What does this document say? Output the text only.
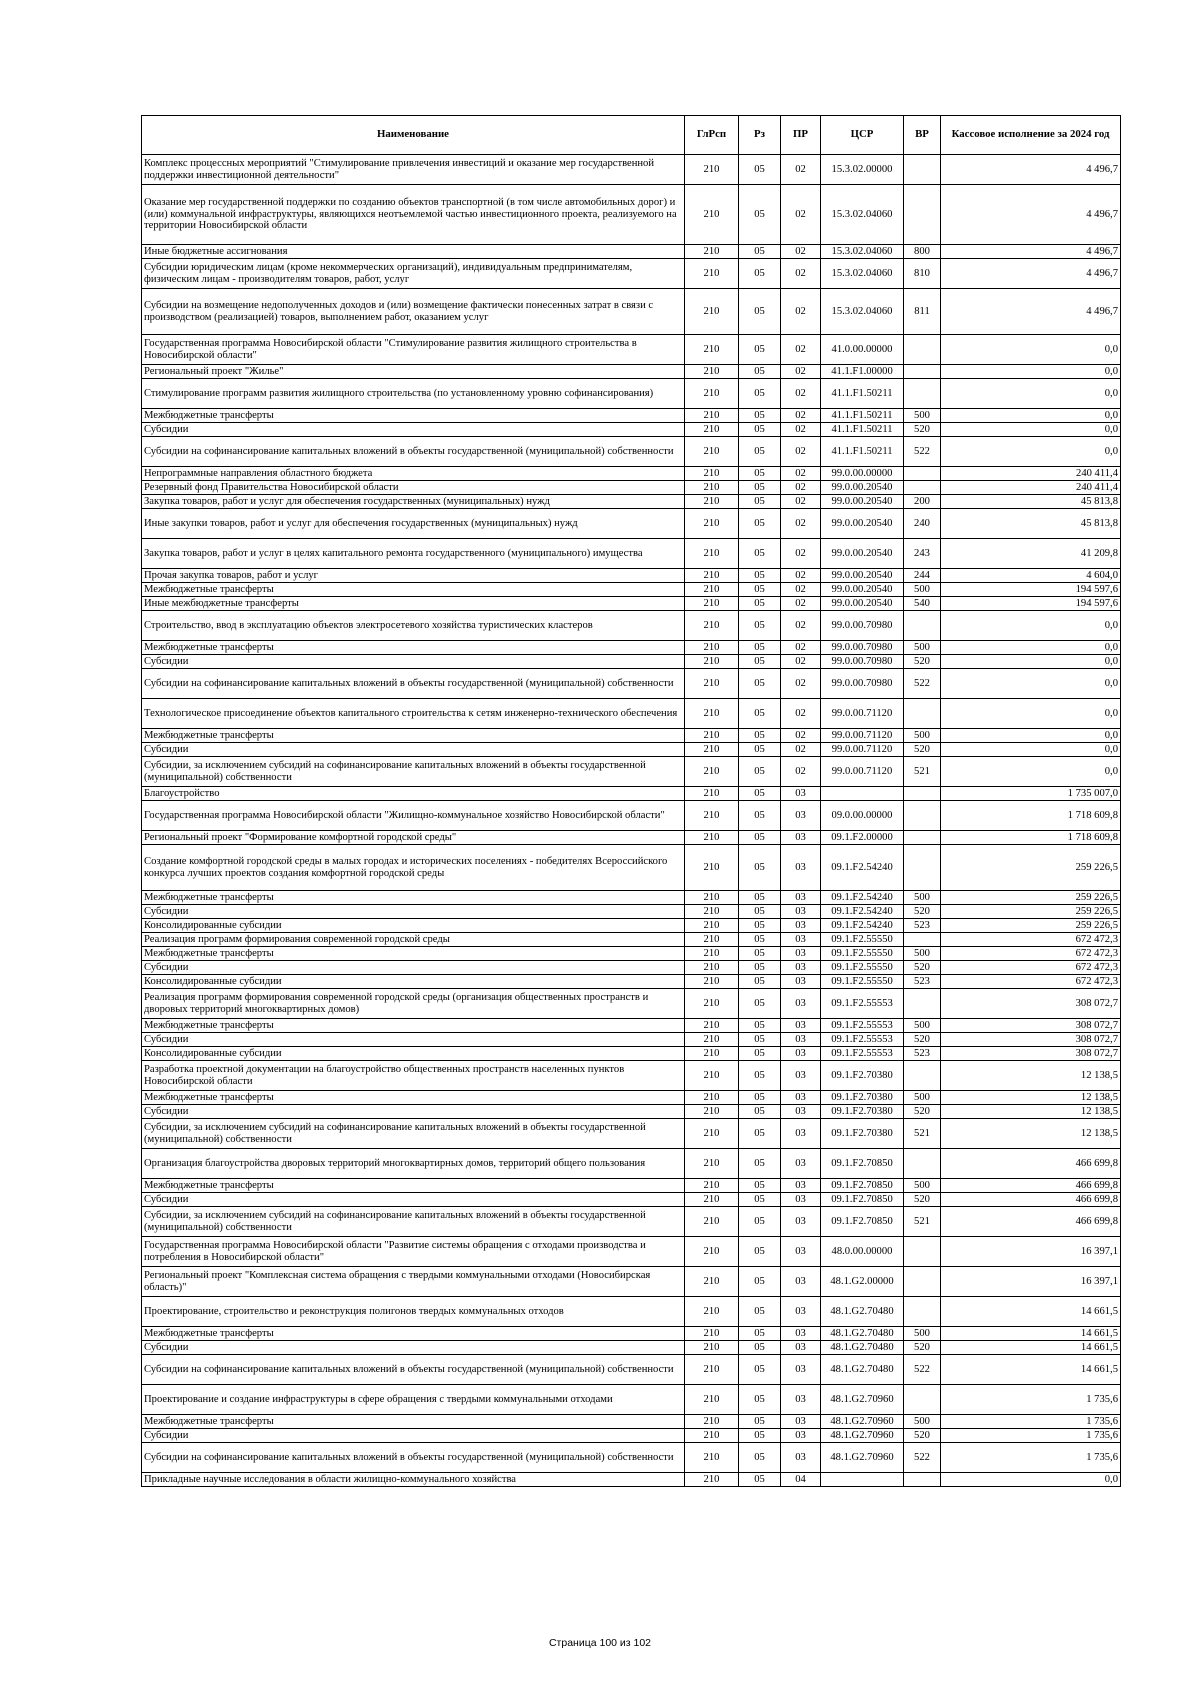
Наименование	ГлРсп	Рз	ПР	ЦСР	ВР	Кассовое исполнение за 2024 год
Комплекс процессных мероприятий "Стимулирование привлечения инвестиций и оказание мер государственной поддержки инвестиционной деятельности"	210	05	02	15.3.02.00000		4 496,7
Оказание мер государственной поддержки по созданию объектов транспортной (в том числе автомобильных дорог) и (или) коммунальной инфраструктуры, являющихся неотъемлемой частью инвестиционного проекта, реализуемого на территории Новосибирской области	210	05	02	15.3.02.04060		4 496,7
Иные бюджетные ассигнования	210	05	02	15.3.02.04060	800	4 496,7
Субсидии юридическим лицам (кроме некоммерческих организаций), индивидуальным предпринимателям, физическим лицам - производителям товаров, работ, услуг	210	05	02	15.3.02.04060	810	4 496,7
Субсидии на возмещение недополученных доходов и (или) возмещение фактически понесенных затрат в связи с производством (реализацией) товаров, выполнением работ, оказанием услуг	210	05	02	15.3.02.04060	811	4 496,7
Государственная программа Новосибирской области "Стимулирование развития жилищного строительства в Новосибирской области"	210	05	02	41.0.00.00000		0,0
Региональный проект "Жилье"	210	05	02	41.1.F1.00000		0,0
Стимулирование программ развития жилищного строительства (по установленному уровню софинансирования)	210	05	02	41.1.F1.50211		0,0
Межбюджетные трансферты	210	05	02	41.1.F1.50211	500	0,0
Субсидии	210	05	02	41.1.F1.50211	520	0,0
Субсидии на софинансирование капитальных вложений в объекты государственной (муниципальной) собственности	210	05	02	41.1.F1.50211	522	0,0
Непрограммные направления областного бюджета	210	05	02	99.0.00.00000		240 411,4
Резервный фонд Правительства Новосибирской области	210	05	02	99.0.00.20540		240 411,4
Закупка товаров, работ и услуг для обеспечения государственных (муниципальных) нужд	210	05	02	99.0.00.20540	200	45 813,8
Иные закупки товаров, работ и услуг для обеспечения государственных (муниципальных) нужд	210	05	02	99.0.00.20540	240	45 813,8
Закупка товаров, работ и услуг в целях капитального ремонта государственного (муниципального) имущества	210	05	02	99.0.00.20540	243	41 209,8
Прочая закупка товаров, работ и услуг	210	05	02	99.0.00.20540	244	4 604,0
Межбюджетные трансферты	210	05	02	99.0.00.20540	500	194 597,6
Иные межбюджетные трансферты	210	05	02	99.0.00.20540	540	194 597,6
Строительство, ввод в эксплуатацию объектов электросетевого хозяйства туристических кластеров	210	05	02	99.0.00.70980		0,0
Межбюджетные трансферты	210	05	02	99.0.00.70980	500	0,0
Субсидии	210	05	02	99.0.00.70980	520	0,0
Субсидии на софинансирование капитальных вложений в объекты государственной (муниципальной) собственности	210	05	02	99.0.00.70980	522	0,0
Технологическое присоединение объектов капитального строительства к сетям инженерно-технического обеспечения	210	05	02	99.0.00.71120		0,0
Межбюджетные трансферты	210	05	02	99.0.00.71120	500	0,0
Субсидии	210	05	02	99.0.00.71120	520	0,0
Субсидии, за исключением субсидий на софинансирование капитальных вложений в объекты государственной (муниципальной) собственности	210	05	02	99.0.00.71120	521	0,0
Благоустройство	210	05	03			1 735 007,0
Государственная программа Новосибирской области "Жилищно-коммунальное хозяйство Новосибирской области"	210	05	03	09.0.00.00000		1 718 609,8
Региональный проект "Формирование комфортной городской среды"	210	05	03	09.1.F2.00000		1 718 609,8
Создание комфортной городской среды в малых городах и исторических поселениях - победителях Всероссийского конкурса лучших проектов создания комфортной городской среды	210	05	03	09.1.F2.54240		259 226,5
Межбюджетные трансферты	210	05	03	09.1.F2.54240	500	259 226,5
Субсидии	210	05	03	09.1.F2.54240	520	259 226,5
Консолидированные субсидии	210	05	03	09.1.F2.54240	523	259 226,5
Реализация программ формирования современной городской среды	210	05	03	09.1.F2.55550		672 472,3
Межбюджетные трансферты	210	05	03	09.1.F2.55550	500	672 472,3
Субсидии	210	05	03	09.1.F2.55550	520	672 472,3
Консолидированные субсидии	210	05	03	09.1.F2.55550	523	672 472,3
Реализация программ формирования современной городской среды (организация общественных пространств и дворовых территорий многоквартирных домов)	210	05	03	09.1.F2.55553		308 072,7
Межбюджетные трансферты	210	05	03	09.1.F2.55553	500	308 072,7
Субсидии	210	05	03	09.1.F2.55553	520	308 072,7
Консолидированные субсидии	210	05	03	09.1.F2.55553	523	308 072,7
Разработка проектной документации на благоустройство общественных пространств населенных пунктов Новосибирской области	210	05	03	09.1.F2.70380		12 138,5
Межбюджетные трансферты	210	05	03	09.1.F2.70380	500	12 138,5
Субсидии	210	05	03	09.1.F2.70380	520	12 138,5
Субсидии, за исключением субсидий на софинансирование капитальных вложений в объекты государственной (муниципальной) собственности	210	05	03	09.1.F2.70380	521	12 138,5
Организация благоустройства дворовых территорий многоквартирных домов, территорий общего пользования	210	05	03	09.1.F2.70850		466 699,8
Межбюджетные трансферты	210	05	03	09.1.F2.70850	500	466 699,8
Субсидии	210	05	03	09.1.F2.70850	520	466 699,8
Субсидии, за исключением субсидий на софинансирование капитальных вложений в объекты государственной (муниципальной) собственности	210	05	03	09.1.F2.70850	521	466 699,8
Государственная программа Новосибирской области "Развитие системы обращения с отходами производства и потребления в Новосибирской области"	210	05	03	48.0.00.00000		16 397,1
Региональный проект "Комплексная система обращения с твердыми коммунальными отходами (Новосибирская область)"	210	05	03	48.1.G2.00000		16 397,1
Проектирование, строительство и реконструкция полигонов твердых коммунальных отходов	210	05	03	48.1.G2.70480		14 661,5
Межбюджетные трансферты	210	05	03	48.1.G2.70480	500	14 661,5
Субсидии	210	05	03	48.1.G2.70480	520	14 661,5
Субсидии на софинансирование капитальных вложений в объекты государственной (муниципальной) собственности	210	05	03	48.1.G2.70480	522	14 661,5
Проектирование и создание инфраструктуры в сфере обращения с твердыми коммунальными отходами	210	05	03	48.1.G2.70960		1 735,6
Межбюджетные трансферты	210	05	03	48.1.G2.70960	500	1 735,6
Субсидии	210	05	03	48.1.G2.70960	520	1 735,6
Субсидии на софинансирование капитальных вложений в объекты государственной (муниципальной) собственности	210	05	03	48.1.G2.70960	522	1 735,6
Прикладные научные исследования в области жилищно-коммунального хозяйства	210	05	04			0,0
Страница 100 из 102
